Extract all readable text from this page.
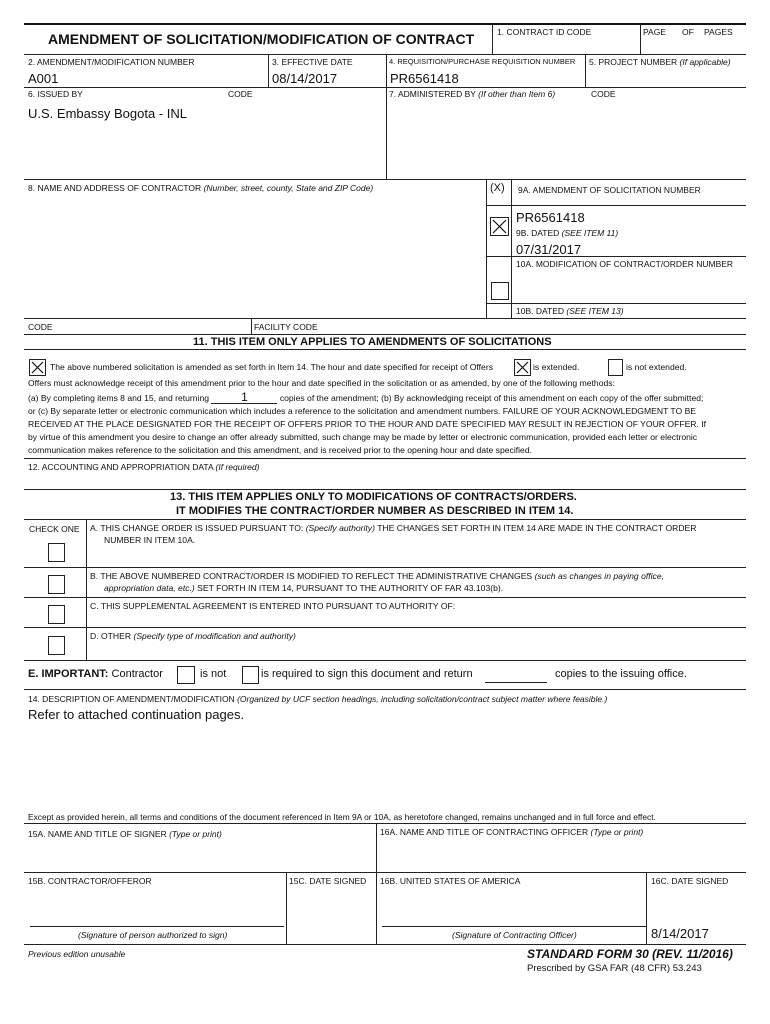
AMENDMENT OF SOLICITATION/MODIFICATION OF CONTRACT	1. CONTRACT ID CODE	PAGE OF PAGES
2. AMENDMENT/MODIFICATION NUMBER
A001
3. EFFECTIVE DATE
08/14/2017
4. REQUISITION/PURCHASE REQUISITION NUMBER
PR6561418
5. PROJECT NUMBER (If applicable)
6. ISSUED BY	CODE
U.S. Embassy Bogota - INL
7. ADMINISTERED BY (If other than Item 6)	CODE
8. NAME AND ADDRESS OF CONTRACTOR (Number, street, county, State and ZIP Code)	(X) 9A. AMENDMENT OF SOLICITATION NUMBER
PR6561418
9B. DATED (SEE ITEM 11)
07/31/2017
10A. MODIFICATION OF CONTRACT/ORDER NUMBER
10B. DATED (SEE ITEM 13)
CODE	FACILITY CODE
11. THIS ITEM ONLY APPLIES TO AMENDMENTS OF SOLICITATIONS
The above numbered solicitation is amended as set forth in Item 14. The hour and date specified for receipt of Offers	is extended.	is not extended.
Offers must acknowledge receipt of this amendment prior to the hour and date specified in the solicitation or as amended, by one of the following methods:
(a) By completing items 8 and 15, and returning	1	copies of the amendment; (b) By acknowledging receipt of this amendment on each copy of the offer submitted;
or (c) By separate letter or electronic communication which includes a reference to the solicitation and amendment numbers. FAILURE OF YOUR ACKNOWLEDGMENT TO BE
RECEIVED AT THE PLACE DESIGNATED FOR THE RECEIPT OF OFFERS PRIOR TO THE HOUR AND DATE SPECIFIED MAY RESULT IN REJECTION OF YOUR OFFER. If
by virtue of this amendment you desire to change an offer already submitted, such change may be made by letter or electronic communication, provided each letter or electronic
communication makes reference to the solicitation and this amendment, and is received prior to the opening hour and date specified.
12. ACCOUNTING AND APPROPRIATION DATA (If required)
13. THIS ITEM APPLIES ONLY TO MODIFICATIONS OF CONTRACTS/ORDERS.
IT MODIFIES THE CONTRACT/ORDER NUMBER AS DESCRIBED IN ITEM 14.
CHECK ONE A. THIS CHANGE ORDER IS ISSUED PURSUANT TO: (Specify authority) THE CHANGES SET FORTH IN ITEM 14 ARE MADE IN THE CONTRACT ORDER
NUMBER IN ITEM 10A.
B. THE ABOVE NUMBERED CONTRACT/ORDER IS MODIFIED TO REFLECT THE ADMINISTRATIVE CHANGES (such as changes in paying office,
appropriation data, etc.) SET FORTH IN ITEM 14, PURSUANT TO THE AUTHORITY OF FAR 43.103(b).
C. THIS SUPPLEMENTAL AGREEMENT IS ENTERED INTO PURSUANT TO AUTHORITY OF:
D. OTHER (Specify type of modification and authority)
E. IMPORTANT: Contractor	is not	is required to sign this document and return	copies to the issuing office.
14. DESCRIPTION OF AMENDMENT/MODIFICATION (Organized by UCF section headings, including solicitation/contract subject matter where feasible.)
Refer to attached continuation pages.
Except as provided herein, all terms and conditions of the document referenced in Item 9A or 10A, as heretofore changed, remains unchanged and in full force and effect.
15A. NAME AND TITLE OF SIGNER (Type or print)	16A. NAME AND TITLE OF CONTRACTING OFFICER (Type or print)
15B. CONTRACTOR/OFFEROR	15C. DATE SIGNED 16B. UNITED STATES OF AMERICA	16C. DATE SIGNED
(Signature of person authorized to sign)	(Signature of Contracting Officer)	8/14/2017
Previous edition unusable	STANDARD FORM 30 (REV. 11/2016)
Prescribed by GSA FAR (48 CFR) 53.243
